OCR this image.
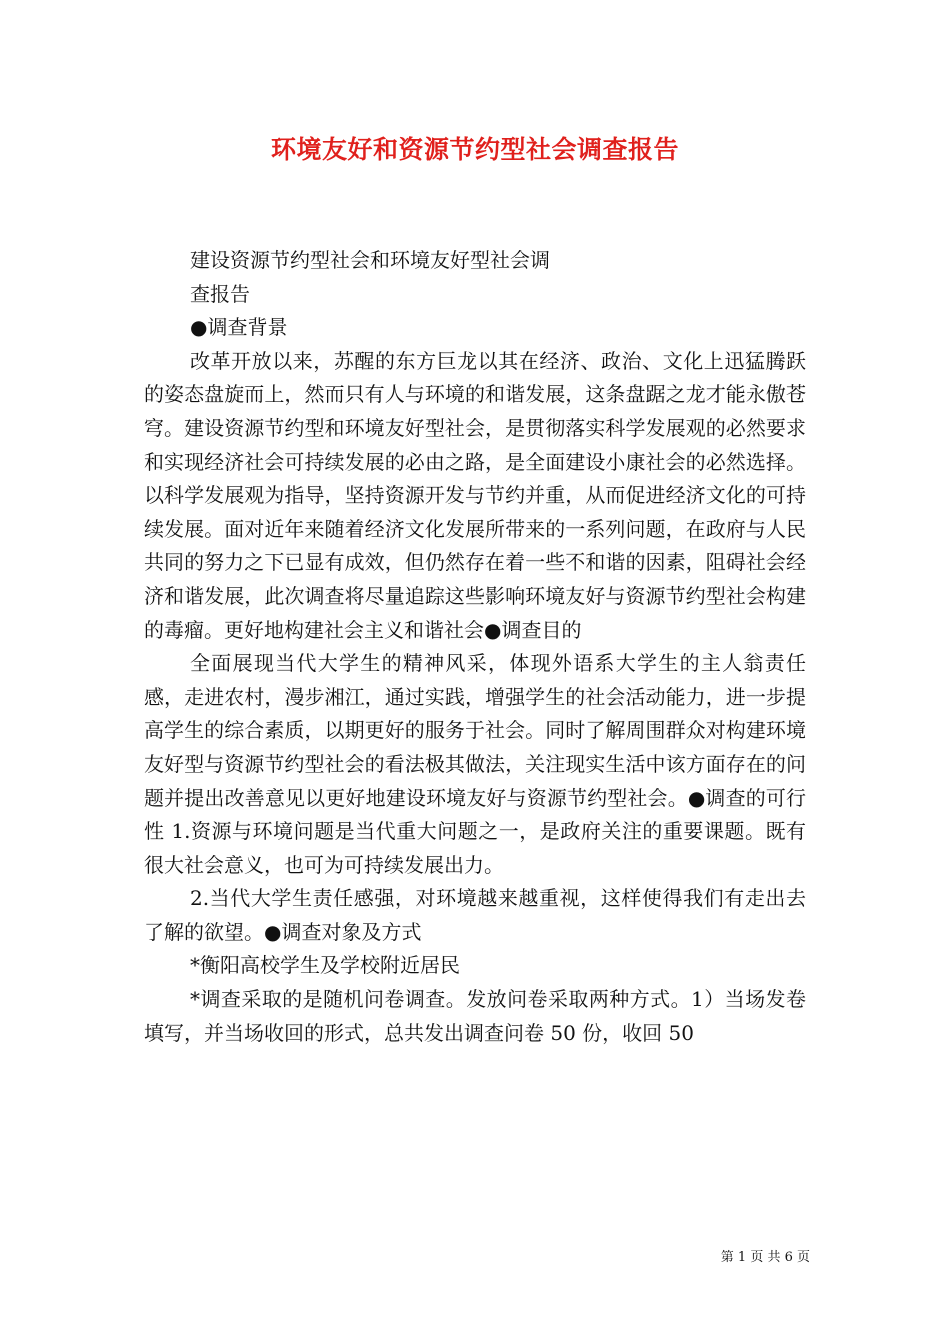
环境友好和资源节约型社会调查报告

建设资源节约型社会和环境友好型社会调

查报告

●调查背景

改革开放以来，苏醒的东方巨龙以其在经济、政治、文化上迅猛腾跃的姿态盘旋而上，然而只有人与环境的和谐发展，这条盘踞之龙才能永傲苍穹。建设资源节约型和环境友好型社会，是贯彻落实科学发展观的必然要求和实现经济社会可持续发展的必由之路，是全面建设小康社会的必然选择。以科学发展观为指导，坚持资源开发与节约并重，从而促进经济文化的可持续发展。面对近年来随着经济文化发展所带来的一系列问题，在政府与人民共同的努力之下已显有成效，但仍然存在着一些不和谐的因素，阻碍社会经济和谐发展，此次调查将尽量追踪这些影响环境友好与资源节约型社会构建的毒瘤。更好地构建社会主义和谐社会●调查目的

全面展现当代大学生的精神风采，体现外语系大学生的主人翁责任感，走进农村，漫步湘江，通过实践，增强学生的社会活动能力，进一步提高学生的综合素质，以期更好的服务于社会。同时了解周围群众对构建环境友好型与资源节约型社会的看法极其做法，关注现实生活中该方面存在的问题并提出改善意见以更好地建设环境友好与资源节约型社会。●调查的可行性 1.资源与环境问题是当代重大问题之一，是政府关注的重要课题。既有很大社会意义，也可为可持续发展出力。

2.当代大学生责任感强，对环境越来越重视，这样使得我们有走出去了解的欲望。●调查对象及方式

*衡阳高校学生及学校附近居民

*调查采取的是随机问卷调查。发放问卷采取两种方式。1）当场发卷填写，并当场收回的形式，总共发出调查问卷 50 份，收回 50

第 1 页 共 6 页
